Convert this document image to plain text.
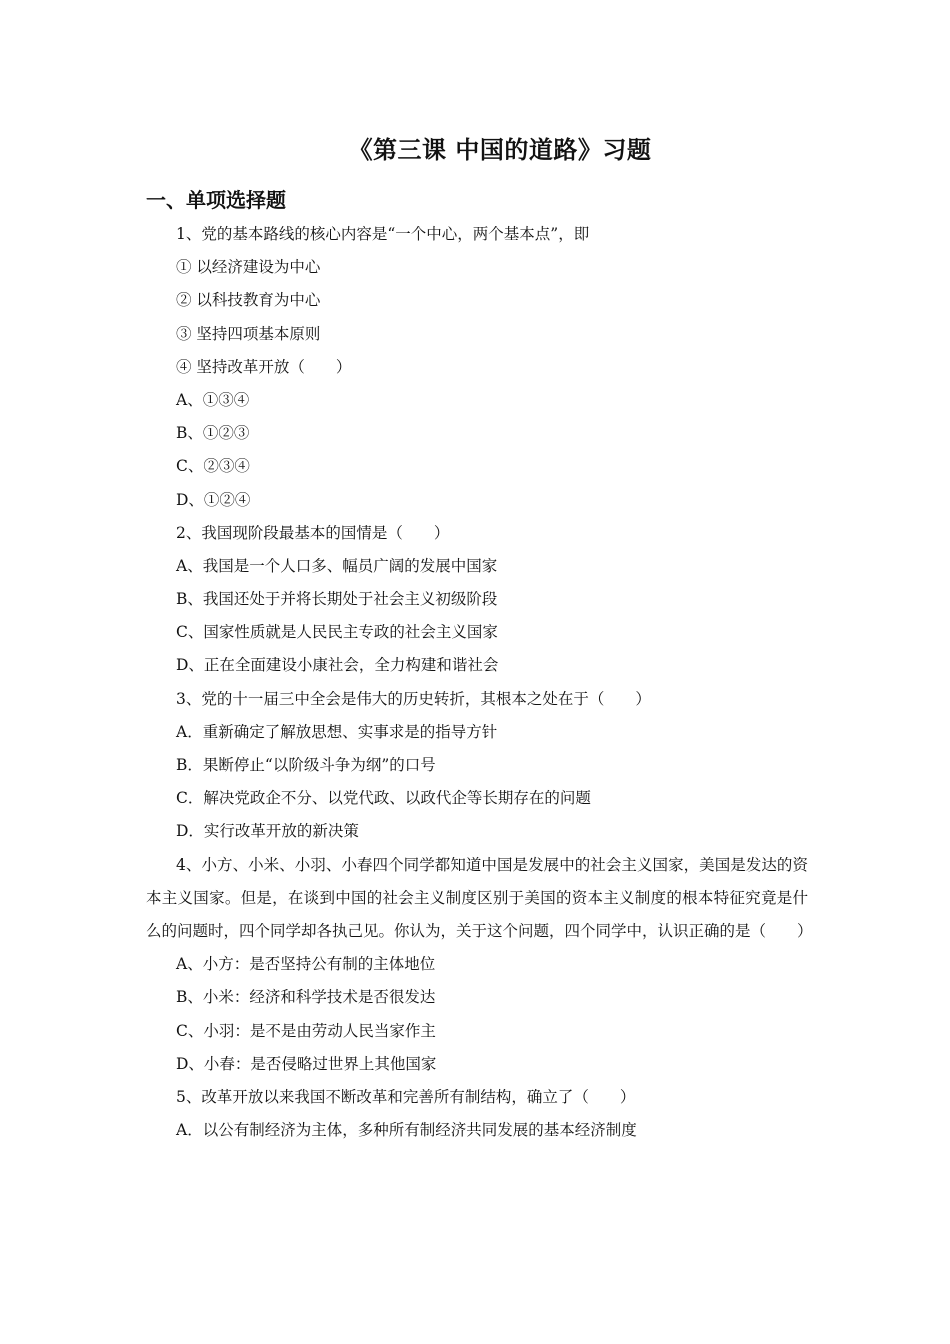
《第三课 中国的道路》习题
一、单项选择题
1、党的基本路线的核心内容是“一个中心，两个基本点”，即
① 以经济建设为中心
② 以科技教育为中心
③ 坚持四项基本原则
④ 坚持改革开放（　　）
A、①③④
B、①②③
C、②③④
D、①②④
2、我国现阶段最基本的国情是（　　）
A、我国是一个人口多、幅员广阔的发展中国家
B、我国还处于并将长期处于社会主义初级阶段
C、国家性质就是人民民主专政的社会主义国家
D、正在全面建设小康社会，全力构建和谐社会
3、党的十一届三中全会是伟大的历史转折，其根本之处在于（　　）
A．重新确定了解放思想、实事求是的指导方针
B．果断停止“以阶级斗争为纲”的口号
C．解决党政企不分、以党代政、以政代企等长期存在的问题
D．实行改革开放的新决策
4、小方、小米、小羽、小春四个同学都知道中国是发展中的社会主义国家，美国是发达的资本主义国家。但是，在谈到中国的社会主义制度区别于美国的资本主义制度的根本特征究竟是什么的问题时，四个同学却各执己见。你认为，关于这个问题，四个同学中，认识正确的是（　　）
A、小方：是否坚持公有制的主体地位
B、小米：经济和科学技术是否很发达
C、小羽：是不是由劳动人民当家作主
D、小春：是否侵略过世界上其他国家
5、改革开放以来我国不断改革和完善所有制结构，确立了（　　）
A．以公有制经济为主体，多种所有制经济共同发展的基本经济制度
